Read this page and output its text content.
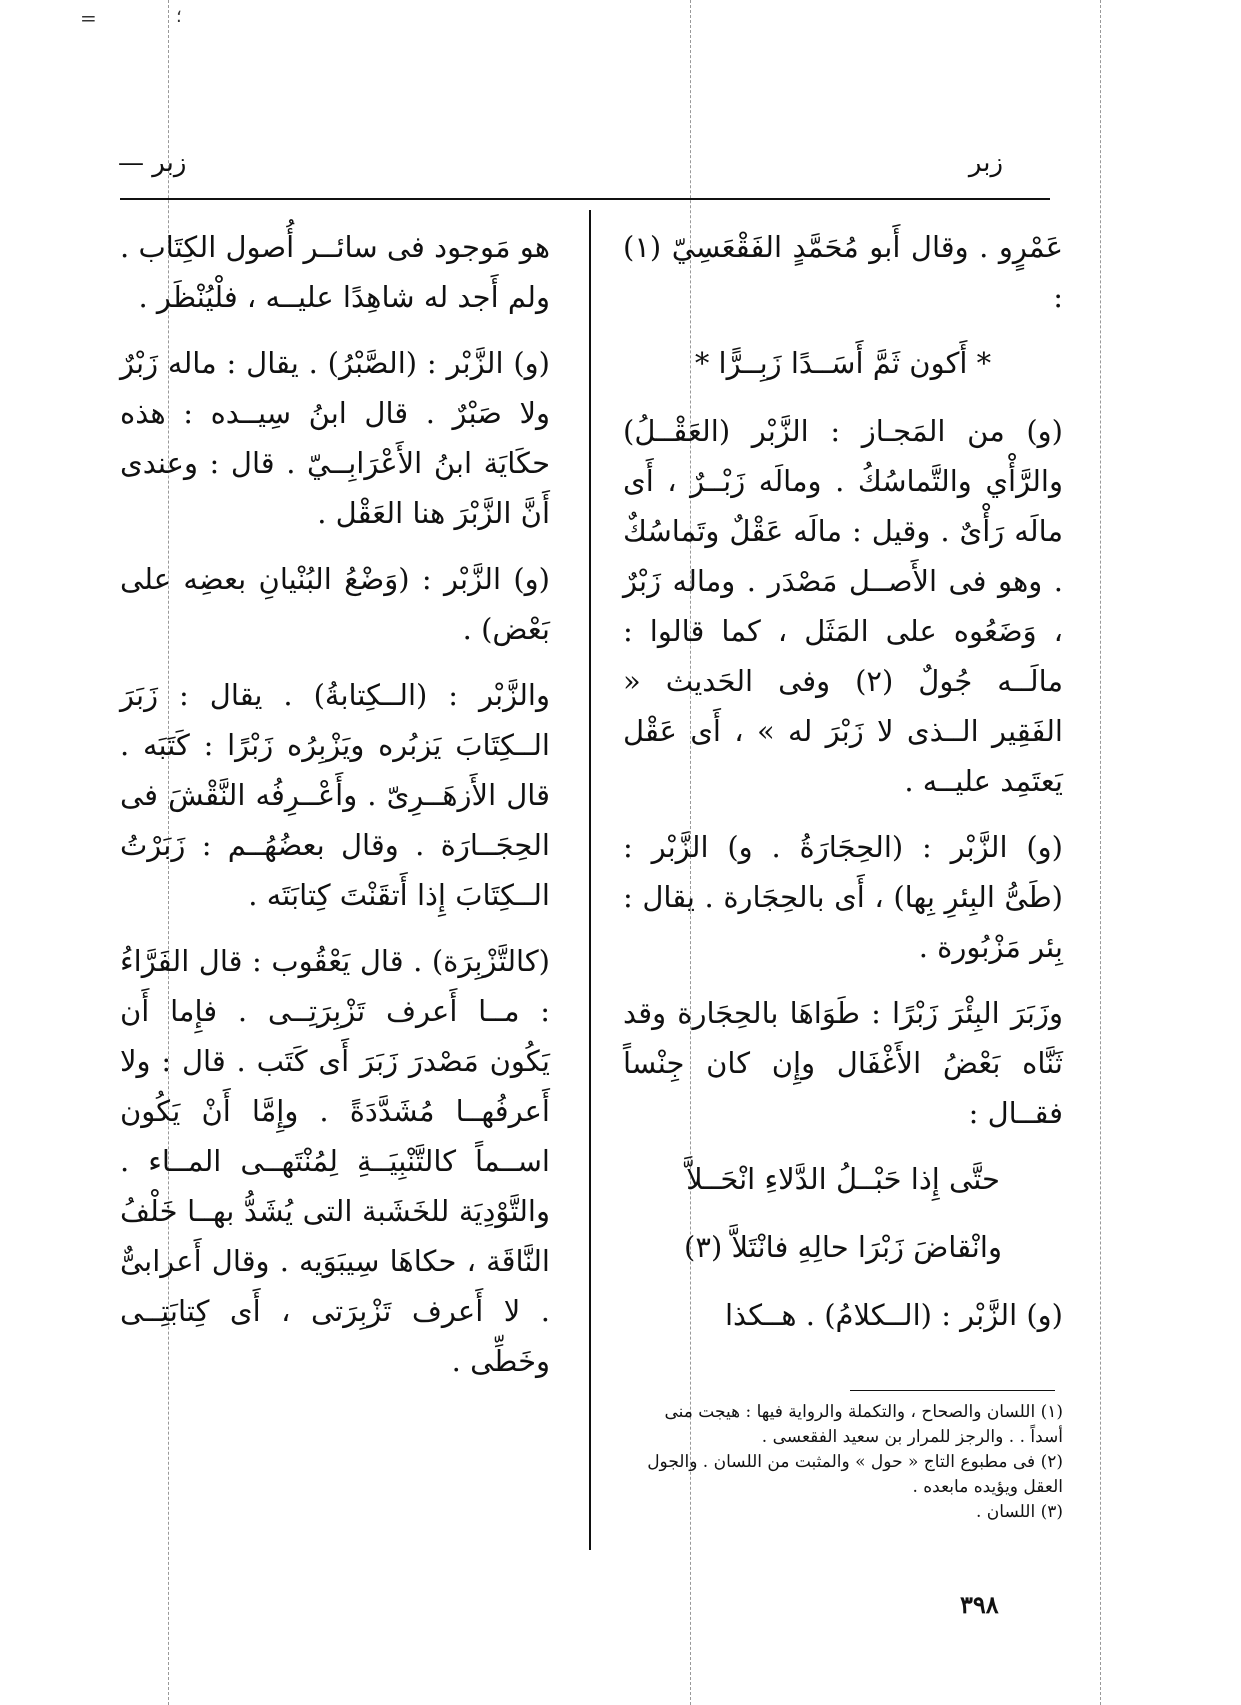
=	؛
زبر
زبر —

عَمْرٍو . وقال أَبو مُحَمَّدٍ الفَقْعَسِيّ (١) :

* أَكون ثَمَّ أَسَــدًا زَبِــرًّا *

(و) من المَجـاز : الزَّبْر (العَقْــلُ) والرَّأْي والتَّماسُكُ . ومالَه زَبْــرٌ ، أَى مالَه رَأْىٌ . وقيل : مالَه عَقْلٌ وتَماسُكٌ . وهو فى الأَصــل مَصْدَر . وماله زَبْرٌ ، وَضَعُوه على المَثَل ، كما قالوا : مالَــه جُولٌ (٢) وفى الحَديث « الفَقِير الــذى لا زَبْرَ له » ، أَى عَقْل يَعتَمِد عليــه .

(و) الزَّبْر : (الحِجَارَةُ . و) الزَّبْر : (طَىُّ البِئرِ بِها) ، أَى بالحِجَارة . يقال : بِئر مَزْبُورة .

وزَبَرَ البِئْرَ زَبْرًا : طَوَاهَا بالحِجَارة وقد ثَنَّاه بَعْضُ الأَغْفَال وإِن كان جِنْساً فقــال :

حتَّى إِذا حَبْــلُ الدَّلاءِ انْحَــلاَّ

وانْقاضَ زَبْرَا حالِهِ فانْتَلاَّ (٣)

(و) الزَّبْر : (الــكلامُ) . هــكذا

هو مَوجود فى سائــر أُصول الكِتَاب . ولم أَجد له شاهِدًا عليــه ، فلْيُنْظَر .

(و) الزَّبْر : (الصَّبْرُ) . يقال : ماله زَبْرٌ ولا صَبْرٌ . قال ابنُ سِيــده : هذه حكَايَة ابنُ الأَعْرَابِــيّ . قال : وعندى أَنَّ الزَّبْرَ هنا العَقْل .

(و) الزَّبْر : (وَضْعُ البُنْيانِ بعضِه على بَعْض) .

والزَّبْر : (الــكِتابةُ) . يقال : زَبَرَ الــكِتَابَ يَزبُره ويَزْبِرُه زَبْرًا : كَتَبَه . قال الأَزهَــرِىّ . وأَعْــرِفُه النَّقْشَ فى الحِجَــارَة . وقال بعضُهُــم : زَبَرْتُ الــكِتَابَ إِذا أَتقَنْتَ كِتابَتَه .

(كالتَّزْبِرَة) . قال يَعْقُوب : قال الفَرَّاءُ : مــا أَعرف تَزْبِرَتِــى . فإِما أَن يَكُون مَصْدرَ زَبَرَ أَى كَتَب . قال : ولا أَعرفُهــا مُشَدَّدَةً . وإِمَّا أَنْ يَكُون اســماً كالتَّنْبِيَــةِ لِمُنْتَهــى المــاء . والتَّوْدِيَة للخَشَبة التى يُشَدُّ بهــا خَلْفُ النَّاقَة ، حكاهَا سِيبَوَيه . وقال أَعرابىٌّ . لا أَعرف تَزْبِرَتى ، أَى كِتابَتِــى وخَطِّى .

(١) اللسان والصحاح ، والتكملة والرواية فيها : هيجت منى أسداً . . والرجز للمرار بن سعيد الفقعسى .
(٢) فى مطبوع التاج « حول » والمثبت من اللسان . والجول العقل ويؤيده مابعده .
(٣) اللسان .
٣٩٨
